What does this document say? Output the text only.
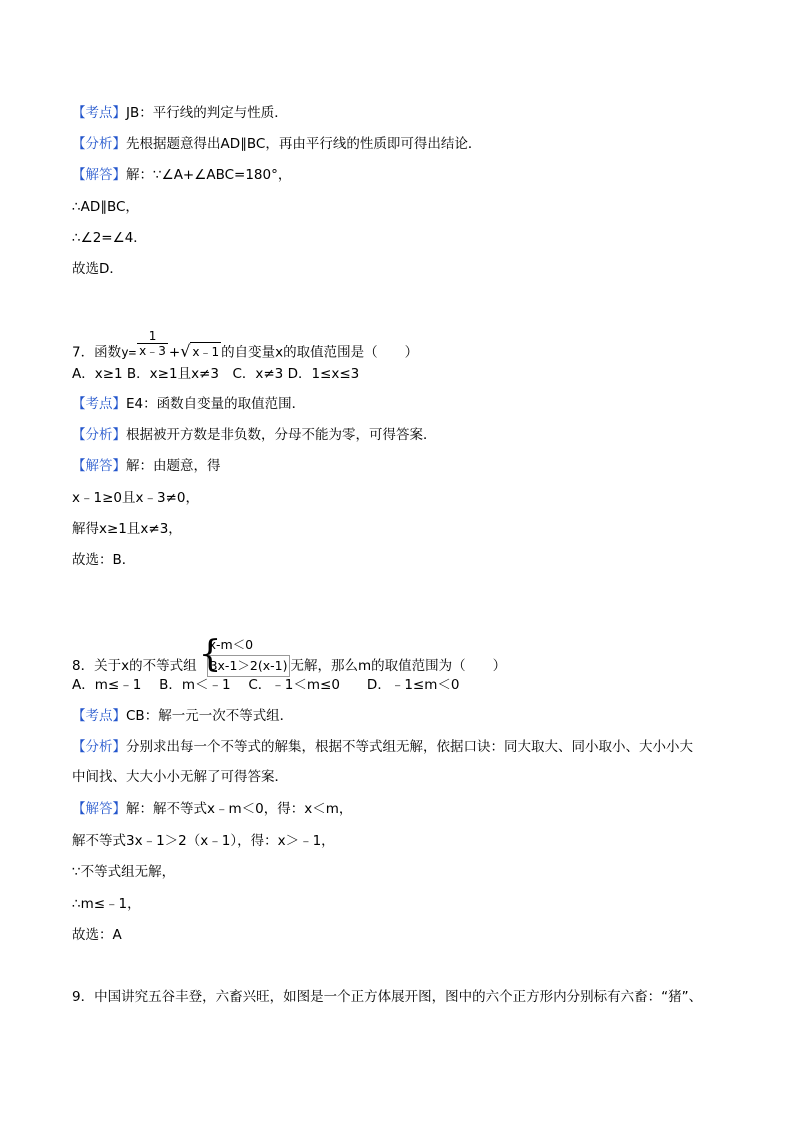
【考点】JB：平行线的判定与性质．
【分析】先根据题意得出AD∥BC，再由平行线的性质即可得出结论．
【解答】解：∵∠A+∠ABC=180°，
∴AD∥BC，
∴∠2=∠4．
故选D．
7．函数$y= \frac{1}{x﹣3}$ +√ x﹣1 的自变量x的取值范围是（　　）
A．x≥1 B．x≥1且x≠3　C．x≠3 D．1≤x≤3
【考点】E4：函数自变量的取值范围．
【分析】根据被开方数是非负数，分母不能为零，可得答案．
【解答】解：由题意，得
x﹣1≥0且x﹣3≠0，
解得x≥1且x≠3，
故选：B．
8．关于x的不等式组 {
x-m＜0
3x-1＞2(x-1) 无解，那么m的取值范围为（　　）
A．m≤﹣1　 B．m＜﹣1　 C．﹣1＜m≤0　　D．﹣1≤m＜0
【考点】CB：解一元一次不等式组．
【分析】分别求出每一个不等式的解集，根据不等式组无解，依据口诀：同大取大、同小取小、大小小大
中间找、大大小小无解了可得答案．
【解答】解：解不等式x﹣m＜0，得：x＜m，
解不等式3x﹣1＞2（x﹣1），得：x＞﹣1，
∵不等式组无解，
∴m≤﹣1，
故选：A
9．中国讲究五谷丰登，六畜兴旺，如图是一个正方体展开图，图中的六个正方形内分别标有六畜：“猪”、
